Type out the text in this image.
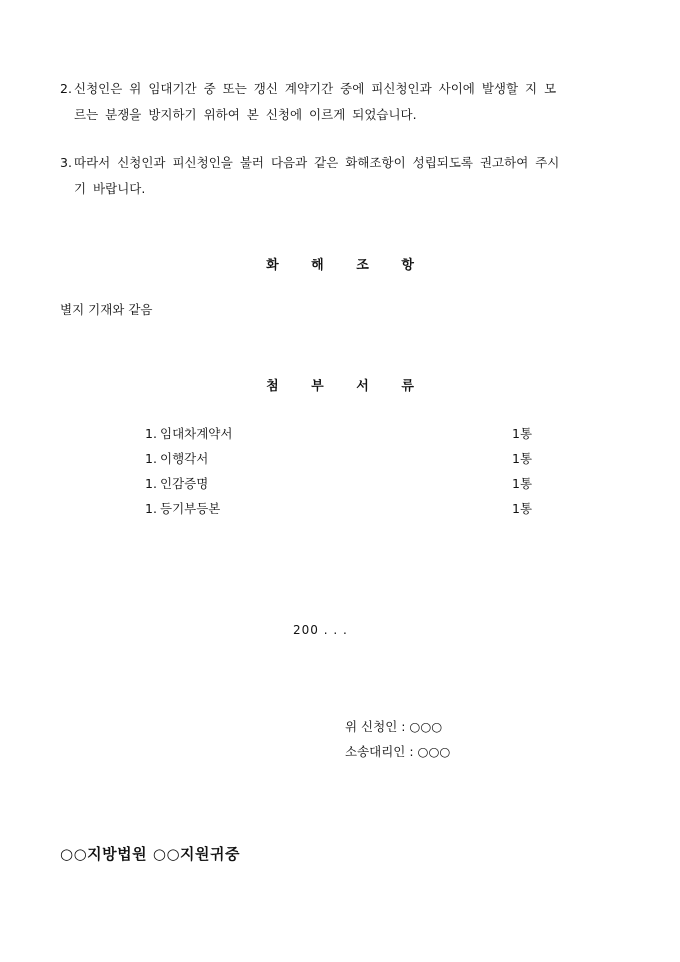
2. 신청인은 위 임대기간 중 또는 갱신 계약기간 중에 피신청인과 사이에 발생할 지 모
르는 분쟁을 방지하기 위하여 본 신청에 이르게 되었습니다.
3. 따라서 신청인과 피신청인을 불러 다음과 같은 화해조항이 성립되도록 권고하여 주시
기 바랍니다.
화 해 조 항
별지 기재와 같음
첨 부 서 류
1. 임대차계약서	1통
1. 이행각서	1통
1. 인감증명	1통
1. 등기부등본	1통
200 . . .
위 신청인 : ○○○
소송대리인 : ○○○
○○지방법원 ○○지원귀중
